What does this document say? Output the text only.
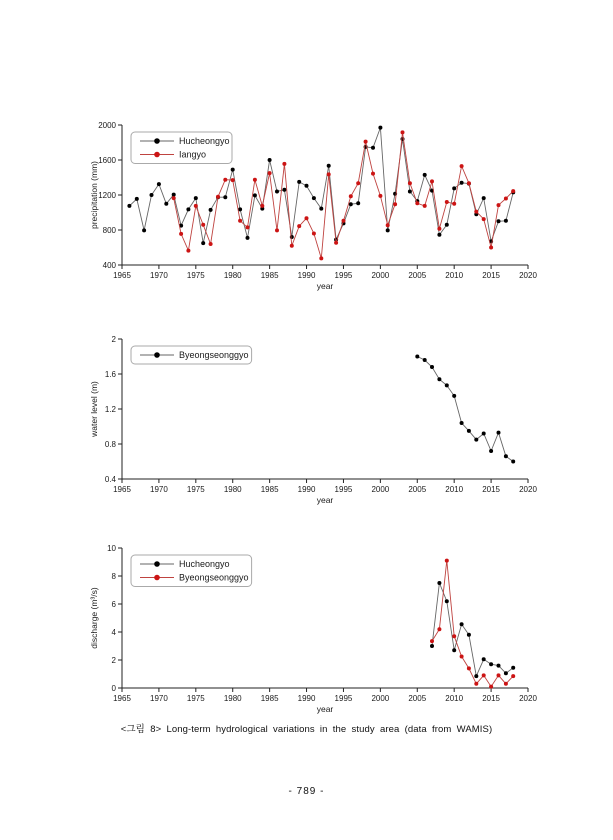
400
800
1200
1600
2000
precipitation (mm)
1965 1970 1975 1980 1985 1990 1995 2000 2005 2010 2015 2020
year
Hucheongyo
Iangyo
0.4
0.8
1.2
1.6
2
water level (m)
1965 1970 1975 1980 1985 1990 1995 2000 2005 2010 2015 2020
year
Byeongseonggyo
0
2
4
6
8
10
discharge (m³/s)
1965 1970 1975 1980 1985 1990 1995 2000 2005 2010 2015 2020
year
Hucheongyo
Byeongseonggyo
<그림 8> Long-term hydrological variations in the study area (data from WAMIS)
- 789 -
